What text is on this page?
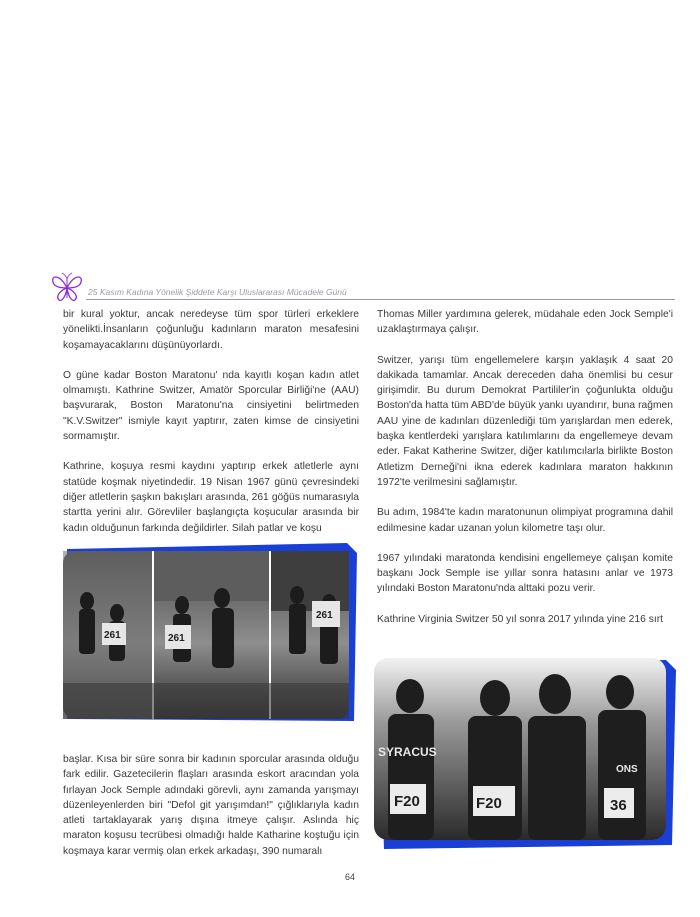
25 Kasım Kadına Yönelik Şiddete Karşı Uluslararası Mücadele Günü

bir kural yoktur, ancak neredeyse tüm spor türleri erkeklere yönelikti.İnsanların çoğunluğu kadınların maraton mesafesini koşamayacaklarını düşünüyorlardı.

O güne kadar Boston Maratonu' nda kayıtlı koşan kadın atlet olmamıştı. Kathrine Switzer, Amatör Sporcular Birliği'ne (AAU) başvurarak, Boston Maratonu'na cinsiyetini belirtmeden "K.V.Switzer" ismiyle kayıt yaptırır, zaten kimse de cinsiyetini sormamıştır.

Kathrine, koşuya resmi kaydını yaptırıp erkek atletlerle aynı statüde koşmak niyetindedir. 19 Nisan 1967 günü çevresindeki diğer atletlerin şaşkın bakışları arasında, 261 göğüs numarasıyla startta yerini alır. Görevliler başlangıçta koşucular arasında bir kadın olduğunun farkında değildirler. Silah patlar ve koşu

261	261
261

başlar. Kısa bir süre sonra bir kadının sporcular arasında olduğu fark edilir. Gazetecilerin flaşları arasında eskort aracından yola fırlayan Jock Semple adındaki görevli, aynı zamanda yarışmayı düzenleyenlerden biri "Defol git yarışımdan!" çığlıklarıyla kadın atleti tartaklayarak yarış dışına itmeye çalışır. Aslında hiç maraton koşusu tecrübesi olmadığı halde Katharine koştuğu için koşmaya karar vermiş olan erkek arkadaşı, 390 numaralı

Thomas Miller yardımına gelerek, müdahale eden Jock Semple'i uzaklaştırmaya çalışır.

Switzer, yarışı tüm engellemelere karşın yaklaşık 4 saat 20 dakikada tamamlar. Ancak dereceden daha önemlisi bu cesur girişimdir. Bu durum Demokrat Partililer'in çoğunlukta olduğu Boston'da hatta tüm ABD'de büyük yankı uyandırır, buna rağmen AAU yine de kadınları düzenlediği tüm yarışlardan men ederek, başka kentlerdeki yarışlara katılımlarını da engellemeye devam eder. Fakat Katherine Switzer, diğer katılımcılarla birlikte Boston Atletizm Derneği'ni ikna ederek kadınlara maraton hakkının 1972'te verilmesini sağlamıştır.

Bu adım, 1984'te kadın maratonunun olimpiyat programına dahil edilmesine kadar uzanan yolun kilometre taşı olur.

1967 yılındaki maratonda kendisini engellemeye çalışan komite başkanı Jock Semple ise yıllar sonra hatasını anlar ve 1973 yılındaki Boston Maratonu'nda alttaki pozu verir.

Kathrine Virginia Switzer 50 yıl sonra 2017 yılında yine 216 sırt

SYRACUS
F20	F20	36
ONS
64
